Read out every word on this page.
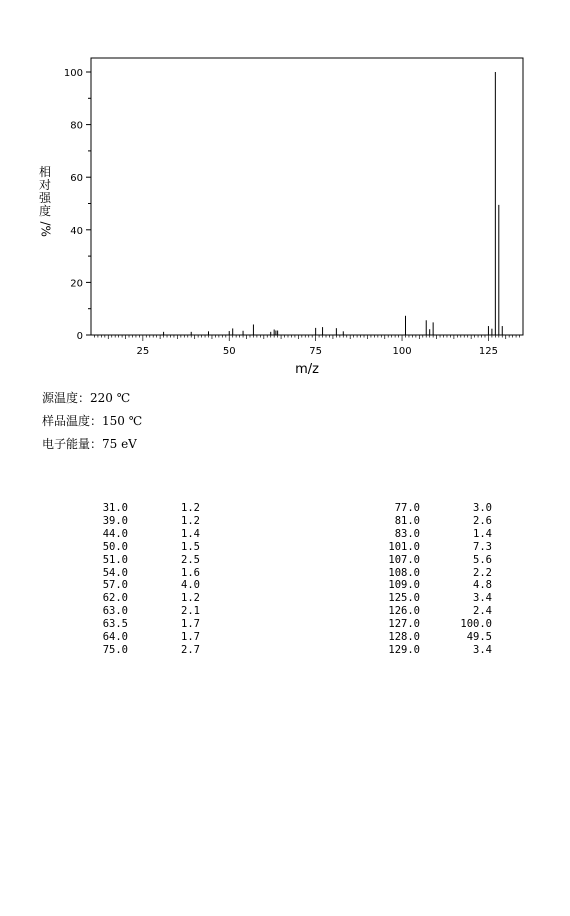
0
20
40
60
80
100
25	50	75	100	125
m/z
相
对
强
度
/%
源温度：220 ℃
样品温度：150 ℃
电子能量：75 eV
31.0	1.2
39.0	1.2
44.0	1.4
50.0	1.5
51.0	2.5
54.0	1.6
57.0	4.0
62.0	1.2
63.0	2.1
63.5	1.7
64.0	1.7
75.0	2.7
77.0	3.0
81.0	2.6
83.0	1.4
101.0	7.3
107.0	5.6
108.0	2.2
109.0	4.8
125.0	3.4
126.0	2.4
127.0	100.0
128.0	49.5
129.0	3.4
